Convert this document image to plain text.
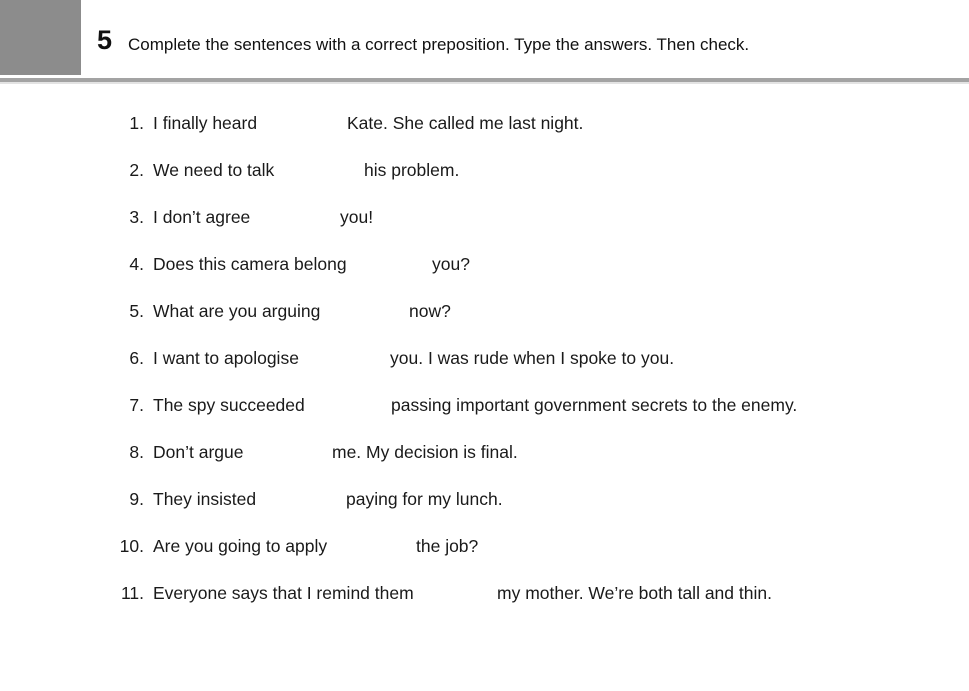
5 Complete the sentences with a correct preposition. Type the answers. Then check.
1. I finally heard	Kate. She called me last night.
2. We need to talk	his problem.
3. I don’t agree	you!
4. Does this camera belong	you?
5. What are you arguing	now?
6. I want to apologise	you. I was rude when I spoke to you.
7. The spy succeeded	passing important government secrets to the enemy.
8. Don’t argue	me. My decision is final.
9. They insisted	paying for my lunch.
10. Are you going to apply	the job?
11. Everyone says that I remind them	my mother. We’re both tall and thin.
